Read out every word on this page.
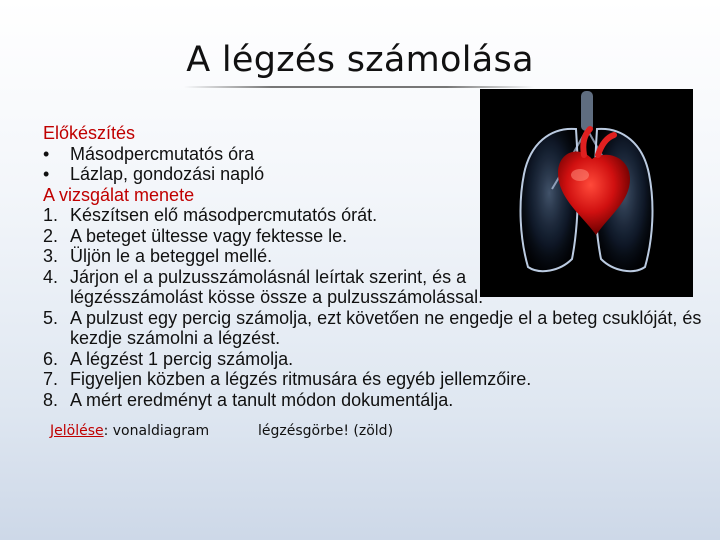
A légzés számolása
Előkészítés
•	Másodpercmutatós óra
•	Lázlap, gondozási napló
A vizsgálat menete
1. Készítsen elő másodpercmutatós órát.
2. A beteget ültesse vagy fektesse le.
3. Üljön le a beteggel mellé.
4. Járjon el a pulzusszámolásnál leírtak szerint, és a légzésszámolást kösse össze a pulzusszámolással.
5. A pulzust egy percig számolja, ezt követően ne engedje el a beteg csuklóját, és kezdje számolni a légzést.
6. A légzést 1 percig számolja.
7. Figyeljen közben a légzés ritmusára és egyéb jellemzőire.
8. A mért eredményt a tanult módon dokumentálja.
Jelölése: vonaldiagram	légzésgörbe! (zöld)
